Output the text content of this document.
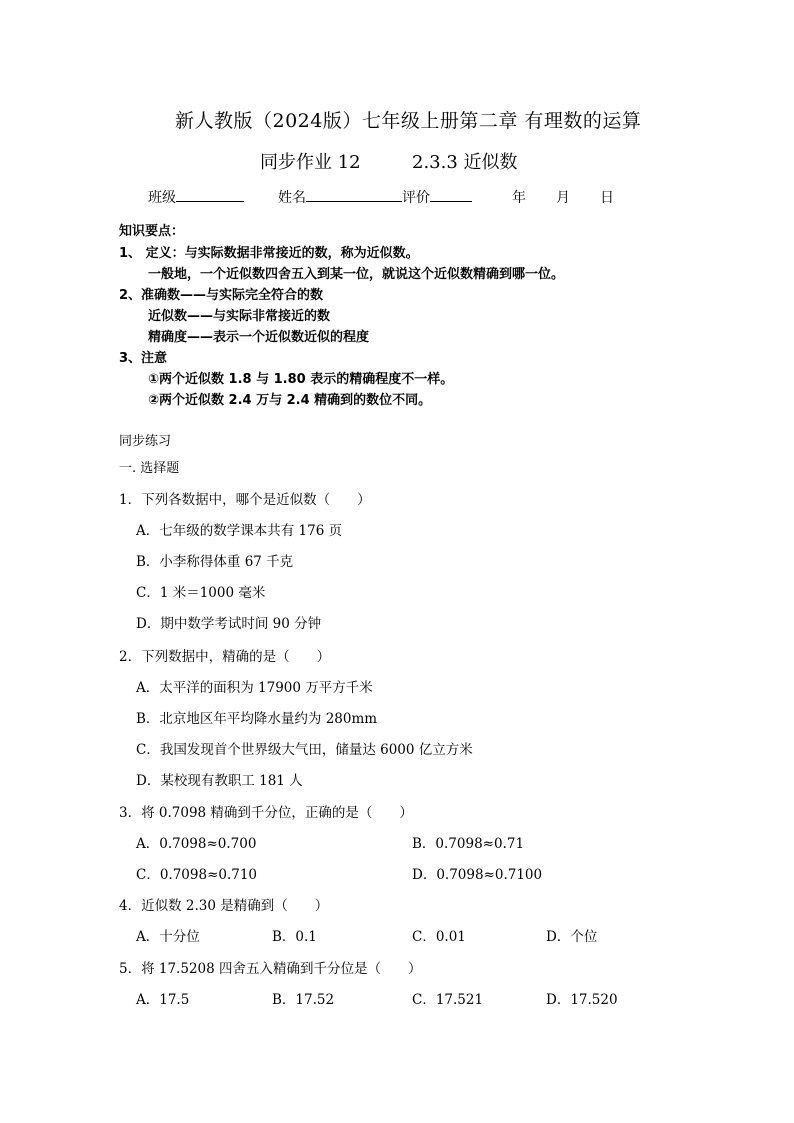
新人教版（2024版）七年级上册第二章 有理数的运算
同步作业 12	2.3.3 近似数
班级	姓名	评价	年 月 日
知识要点：
1、 定义：与实际数据非常接近的数，称为近似数。
一般地，一个近似数四舍五入到某一位，就说这个近似数精确到哪一位。
2、准确数——与实际完全符合的数
近似数——与实际非常接近的数
精确度——表示一个近似数近似的程度
3、注意
①两个近似数 1.8 与 1.80 表示的精确程度不一样。
②两个近似数 2.4 万与 2.4 精确到的数位不同。
同步练习
一. 选择题
1．下列各数据中，哪个是近似数（　　）
A．七年级的数学课本共有 176 页
B．小李称得体重 67 千克
C．1 米＝1000 毫米
D．期中数学考试时间 90 分钟
2．下列数据中，精确的是（　　）
A．太平洋的面积为 17900 万平方千米
B．北京地区年平均降水量约为 280mm
C．我国发现首个世界级大气田，储量达 6000 亿立方米
D．某校现有教职工 181 人
3．将 0.7098 精确到千分位，正确的是（　　）
A．0.7098≈0.700	B．0.7098≈0.71
C．0.7098≈0.710	D．0.7098≈0.7100
4．近似数 2.30 是精确到（　　）
A．十分位	B．0.1	C．0.01	D．个位
5．将 17.5208 四舍五入精确到千分位是（　　）
A．17.5	B．17.52	C．17.521	D．17.520
